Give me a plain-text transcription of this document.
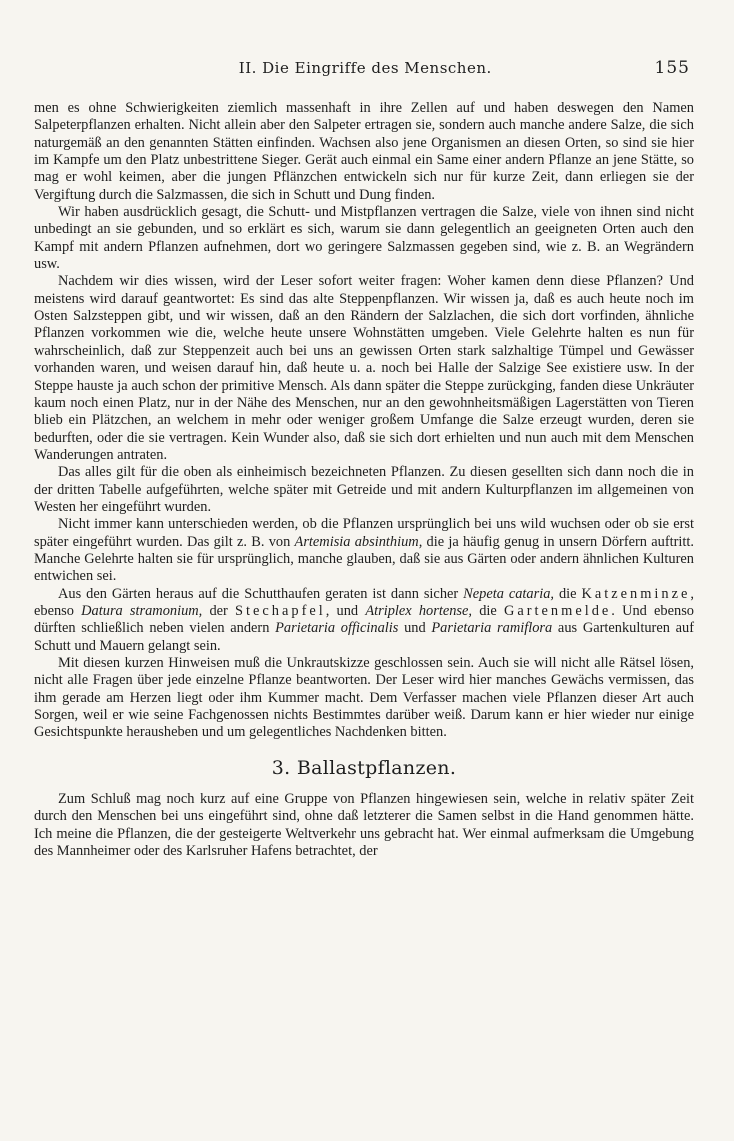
II. Die Eingriffe des Menschen.	155

men es ohne Schwierigkeiten ziemlich massenhaft in ihre Zellen auf und haben deswegen den Namen Salpeterpflanzen erhalten. Nicht allein aber den Salpeter ertragen sie, sondern auch manche andere Salze, die sich naturgemäß an den genannten Stätten einfinden. Wachsen also jene Organismen an diesen Orten, so sind sie hier im Kampfe um den Platz unbestrittene Sieger. Gerät auch einmal ein Same einer andern Pflanze an jene Stätte, so mag er wohl keimen, aber die jungen Pflänzchen entwickeln sich nur für kurze Zeit, dann erliegen sie der Vergiftung durch die Salzmassen, die sich in Schutt und Dung finden.

Wir haben ausdrücklich gesagt, die Schutt- und Mistpflanzen vertragen die Salze, viele von ihnen sind nicht unbedingt an sie gebunden, und so erklärt es sich, warum sie dann gelegentlich an geeigneten Orten auch den Kampf mit andern Pflanzen aufnehmen, dort wo geringere Salzmassen gegeben sind, wie z. B. an Wegrändern usw.

Nachdem wir dies wissen, wird der Leser sofort weiter fragen: Woher kamen denn diese Pflanzen? Und meistens wird darauf geantwortet: Es sind das alte Steppenpflanzen. Wir wissen ja, daß es auch heute noch im Osten Salzsteppen gibt, und wir wissen, daß an den Rändern der Salzlachen, die sich dort vorfinden, ähnliche Pflanzen vorkommen wie die, welche heute unsere Wohnstätten umgeben. Viele Gelehrte halten es nun für wahrscheinlich, daß zur Steppenzeit auch bei uns an gewissen Orten stark salzhaltige Tümpel und Gewässer vorhanden waren, und weisen darauf hin, daß heute u. a. noch bei Halle der Salzige See existiere usw. In der Steppe hauste ja auch schon der primitive Mensch. Als dann später die Steppe zurückging, fanden diese Unkräuter kaum noch einen Platz, nur in der Nähe des Menschen, nur an den gewohnheitsmäßigen Lagerstätten von Tieren blieb ein Plätzchen, an welchem in mehr oder weniger großem Umfange die Salze erzeugt wurden, deren sie bedurften, oder die sie vertragen. Kein Wunder also, daß sie sich dort erhielten und nun auch mit dem Menschen Wanderungen antraten.

Das alles gilt für die oben als einheimisch bezeichneten Pflanzen. Zu diesen gesellten sich dann noch die in der dritten Tabelle aufgeführten, welche später mit Getreide und mit andern Kulturpflanzen im allgemeinen von Westen her eingeführt wurden.

Nicht immer kann unterschieden werden, ob die Pflanzen ursprünglich bei uns wild wuchsen oder ob sie erst später eingeführt wurden. Das gilt z. B. von Artemisia absinthium, die ja häufig genug in unsern Dörfern auftritt. Manche Gelehrte halten sie für ursprünglich, manche glauben, daß sie aus Gärten oder andern ähnlichen Kulturen entwichen sei.

Aus den Gärten heraus auf die Schutthaufen geraten ist dann sicher Nepeta cataria, die Katzenminze, ebenso Datura stramonium, der Stechapfel, und Atriplex hortense, die Gartenmelde. Und ebenso dürften schließlich neben vielen andern Parietaria officinalis und Parietaria ramiflora aus Gartenkulturen auf Schutt und Mauern gelangt sein.

Mit diesen kurzen Hinweisen muß die Unkrautskizze geschlossen sein. Auch sie will nicht alle Rätsel lösen, nicht alle Fragen über jede einzelne Pflanze beantworten. Der Leser wird hier manches Gewächs vermissen, das ihm gerade am Herzen liegt oder ihm Kummer macht. Dem Verfasser machen viele Pflanzen dieser Art auch Sorgen, weil er wie seine Fachgenossen nichts Bestimmtes darüber weiß. Darum kann er hier wieder nur einige Gesichtspunkte herausheben und um gelegentliches Nachdenken bitten.

3. Ballastpflanzen.

Zum Schluß mag noch kurz auf eine Gruppe von Pflanzen hingewiesen sein, welche in relativ später Zeit durch den Menschen bei uns eingeführt sind, ohne daß letzterer die Samen selbst in die Hand genommen hätte. Ich meine die Pflanzen, die der gesteigerte Weltverkehr uns gebracht hat. Wer einmal aufmerksam die Umgebung des Mannheimer oder des Karlsruher Hafens betrachtet, der
